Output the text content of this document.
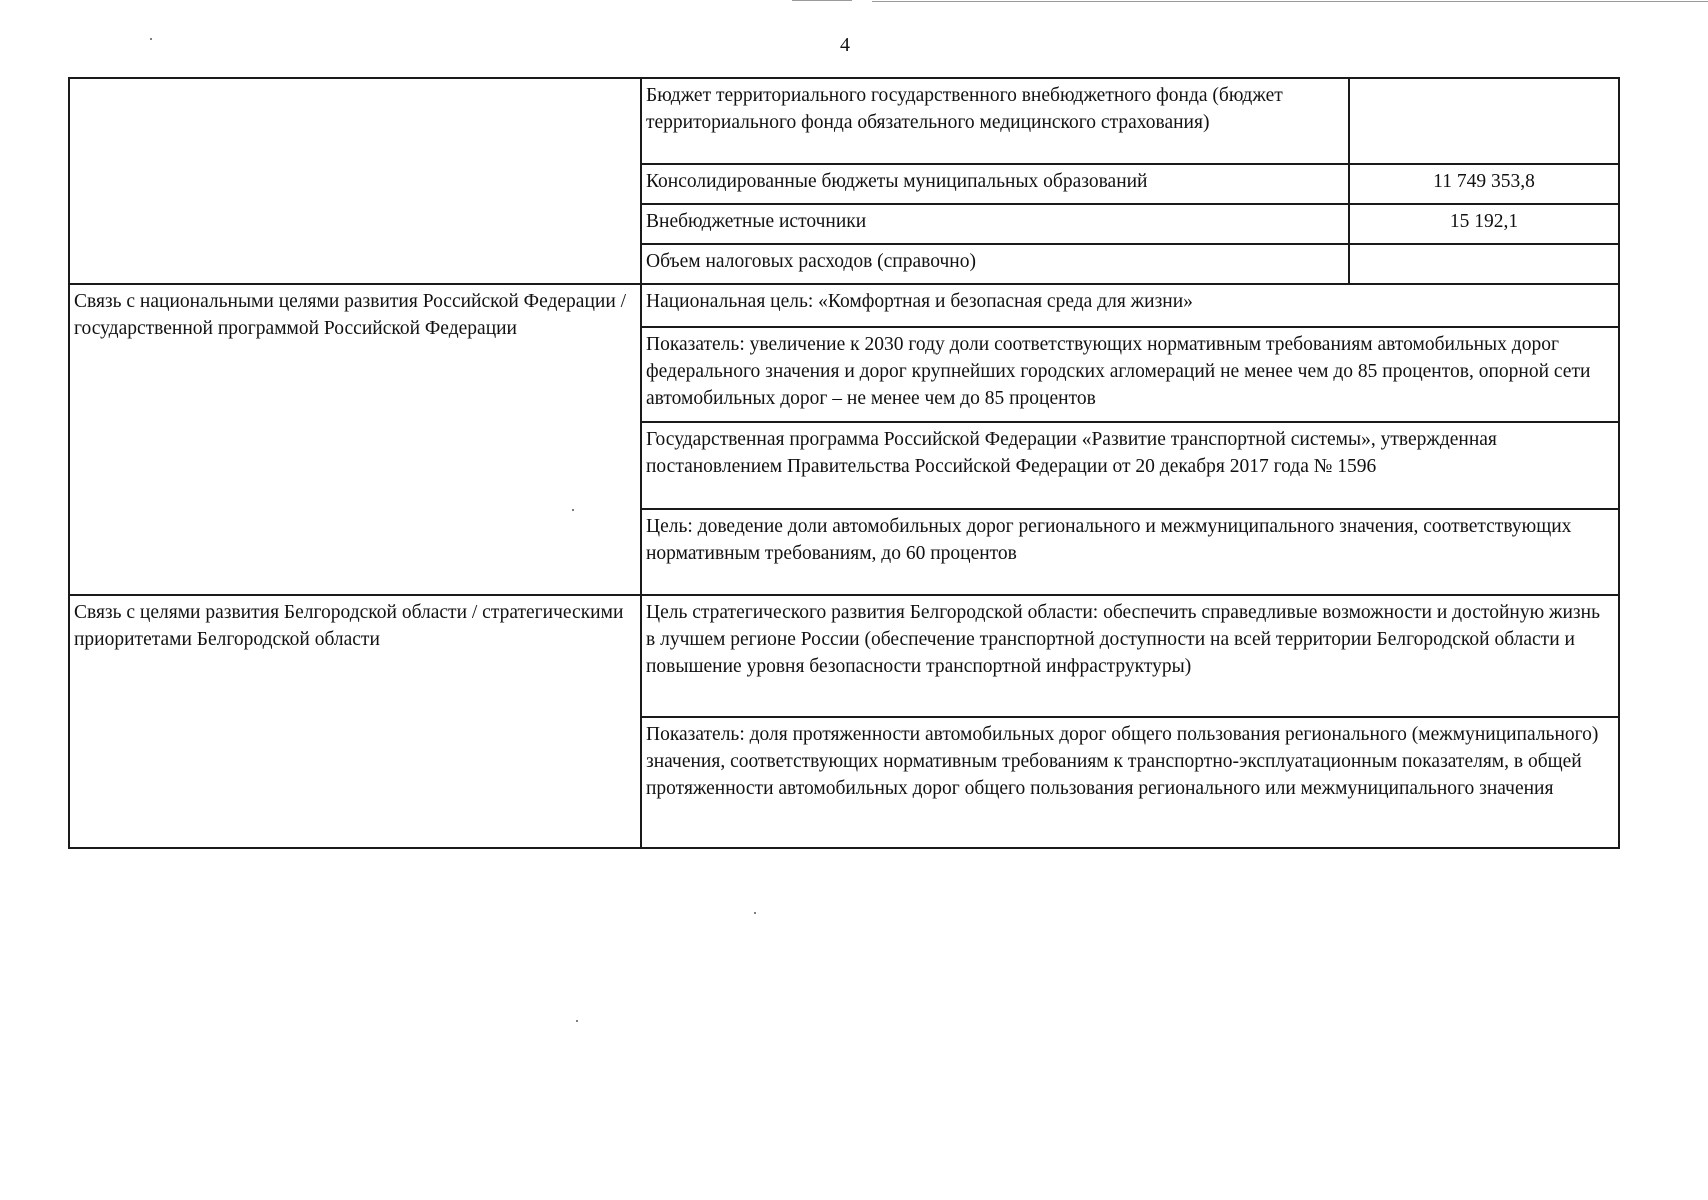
4
	Бюджет территориального государственного внебюджетного фонда (бюджет территориального фонда обязательного медицинского страхования)	
	Консолидированные бюджеты муниципальных образований	11 749 353,8
	Внебюджетные источники	15 192,1
	Объем налоговых расходов (справочно)	
Связь с национальными целями развития Российской Федерации / государственной программой Российской Федерации	Национальная цель: «Комфортная и безопасная среда для жизни»	
	Показатель: увеличение к 2030 году доли соответствующих нормативным требованиям автомобильных дорог федерального значения и дорог крупнейших городских агломераций не менее чем до 85 процентов, опорной сети автомобильных дорог – не менее чем до 85 процентов	
	Государственная программа Российской Федерации «Развитие транспортной системы», утвержденная постановлением Правительства Российской Федерации от 20 декабря 2017 года № 1596	
	Цель: доведение доли автомобильных дорог регионального и межмуниципального значения, соответствующих нормативным требованиям, до 60 процентов	
Связь с целями развития Белгородской области / стратегическими приоритетами Белгородской области	Цель стратегического развития Белгородской области: обеспечить справедливые возможности и достойную жизнь в лучшем регионе России (обеспечение транспортной доступности на всей территории Белгородской области и повышение уровня безопасности транспортной инфраструктуры)	
	Показатель: доля протяженности автомобильных дорог общего пользования регионального (межмуниципального) значения, соответствующих нормативным требованиям к транспортно-эксплуатационным показателям, в общей протяженности автомобильных дорог общего пользования регионального или межмуниципального значения	
